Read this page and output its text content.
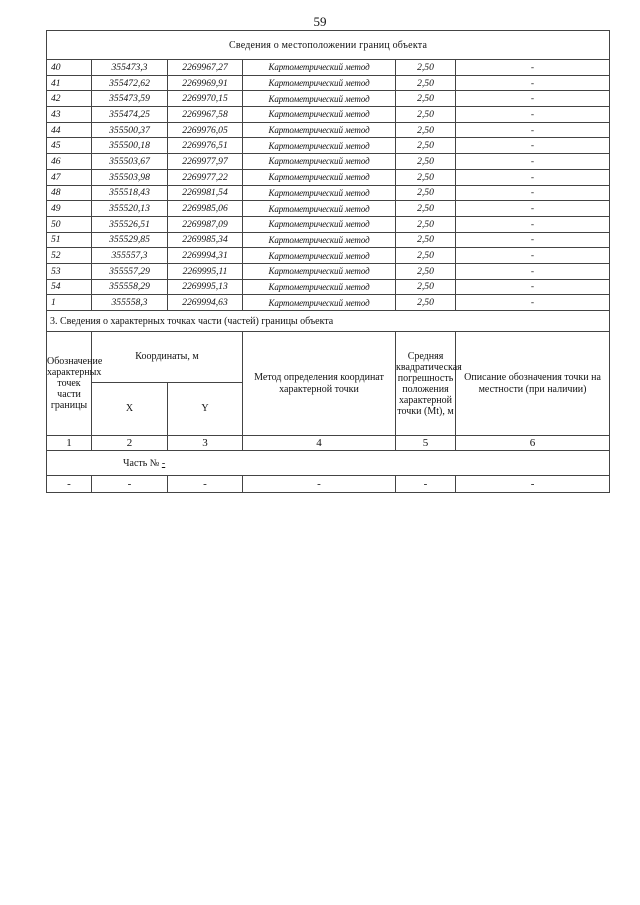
59
Сведения о местоположении границ объекта					
40	355473,3	2269967,27	Картометрический метод	2,50	-
41	355472,62	2269969,91	Картометрический метод	2,50	-
42	355473,59	2269970,15	Картометрический метод	2,50	-
43	355474,25	2269967,58	Картометрический метод	2,50	-
44	355500,37	2269976,05	Картометрический метод	2,50	-
45	355500,18	2269976,51	Картометрический метод	2,50	-
46	355503,67	2269977,97	Картометрический метод	2,50	-
47	355503,98	2269977,22	Картометрический метод	2,50	-
48	355518,43	2269981,54	Картометрический метод	2,50	-
49	355520,13	2269985,06	Картометрический метод	2,50	-
50	355526,51	2269987,09	Картометрический метод	2,50	-
51	355529,85	2269985,34	Картометрический метод	2,50	-
52	355557,3	2269994,31	Картометрический метод	2,50	-
53	355557,29	2269995,11	Картометрический метод	2,50	-
54	355558,29	2269995,13	Картометрический метод	2,50	-
1	355558,3	2269994,63	Картометрический метод	2,50	-
3. Сведения о характерных точках части (частей) границы объекта					
Обозначение характерных точек части границы	Координаты, м		Метод определения координат характерной точки	Средняя квадратическая погрешность положения характерной точки (Мt), м	Описание обозначения точки на местности (при наличии)
	X	Y			
1	2	3	4	5	6
Часть № -					
-	-	-	-	-	-
